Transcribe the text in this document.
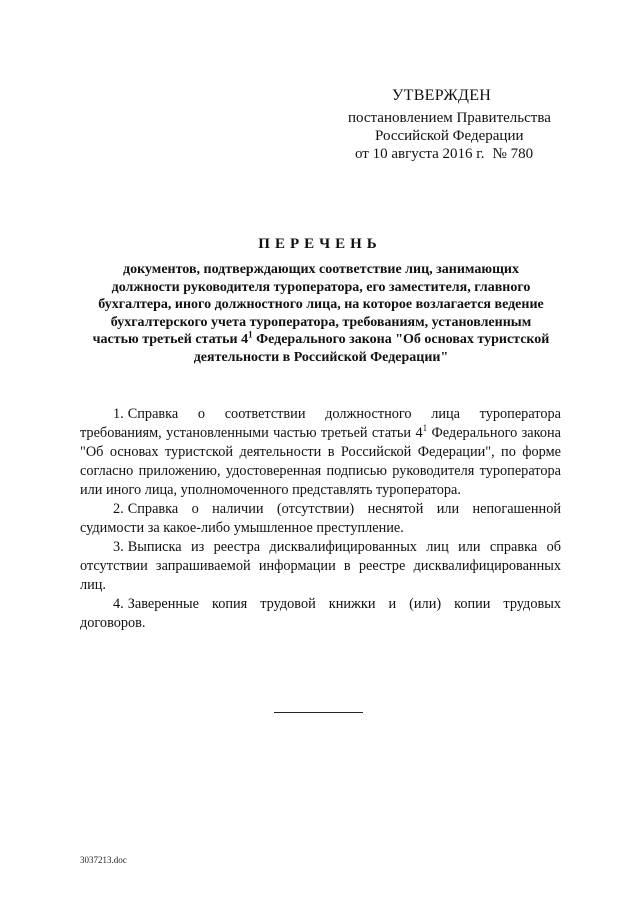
УТВЕРЖДЕН
постановлением Правительства
Российской Федерации
от 10 августа 2016 г. № 780
ПЕРЕЧЕНЬ
документов, подтверждающих соответствие лиц, занимающих должности руководителя туроператора, его заместителя, главного бухгалтера, иного должностного лица, на которое возлагается ведение бухгалтерского учета туроператора, требованиям, установленным частью третьей статьи $4^1$ Федерального закона "Об основах туристской деятельности в Российской Федерации"

1. Справка о соответствии должностного лица туроператора требованиям, установленными частью третьей статьи $4^1$ Федерального закона "Об основах туристской деятельности в Российской Федерации", по форме согласно приложению, удостоверенная подписью руководителя туроператора или иного лица, уполномоченного представлять туроператора.

2. Справка о наличии (отсутствии) неснятой или непогашенной судимости за какое-либо умышленное преступление.

3. Выписка из реестра дисквалифицированных лиц или справка об отсутствии запрашиваемой информации в реестре дисквалифицированных лиц.

4. Заверенные копия трудовой книжки и (или) копии трудовых договоров.

3037213.doc
